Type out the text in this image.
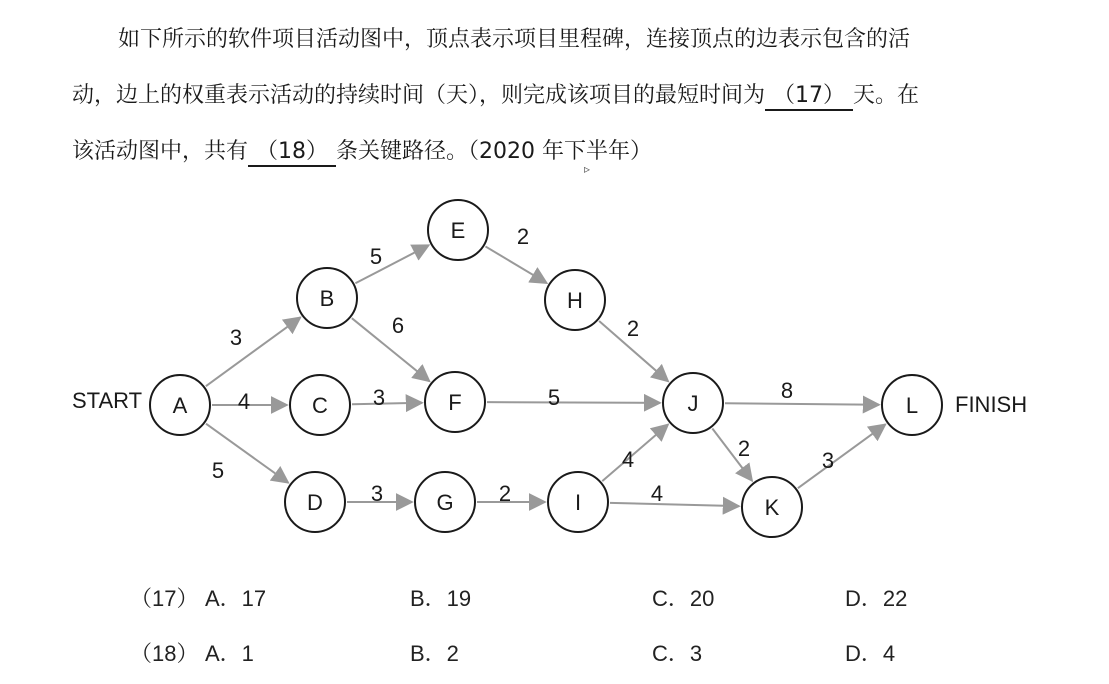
如下所示的软件项目活动图中，顶点表示项目里程碑，连接顶点的边表示包含的活
动，边上的权重表示活动的持续时间（天），则完成该项目的最短时间为 （17） 天。在
该活动图中，共有 （18） 条关键路径。（2020 年下半年）
▹
3
4
5
5
6
3
3
2
2
5
2
4
4
8
2	3
A
B
C
D
E
F
G
H
I
J
K
L
START	FINISH
（17） A．17	B．19	C．20	D．22
（18） A．1	B．2	C．3	D．4
